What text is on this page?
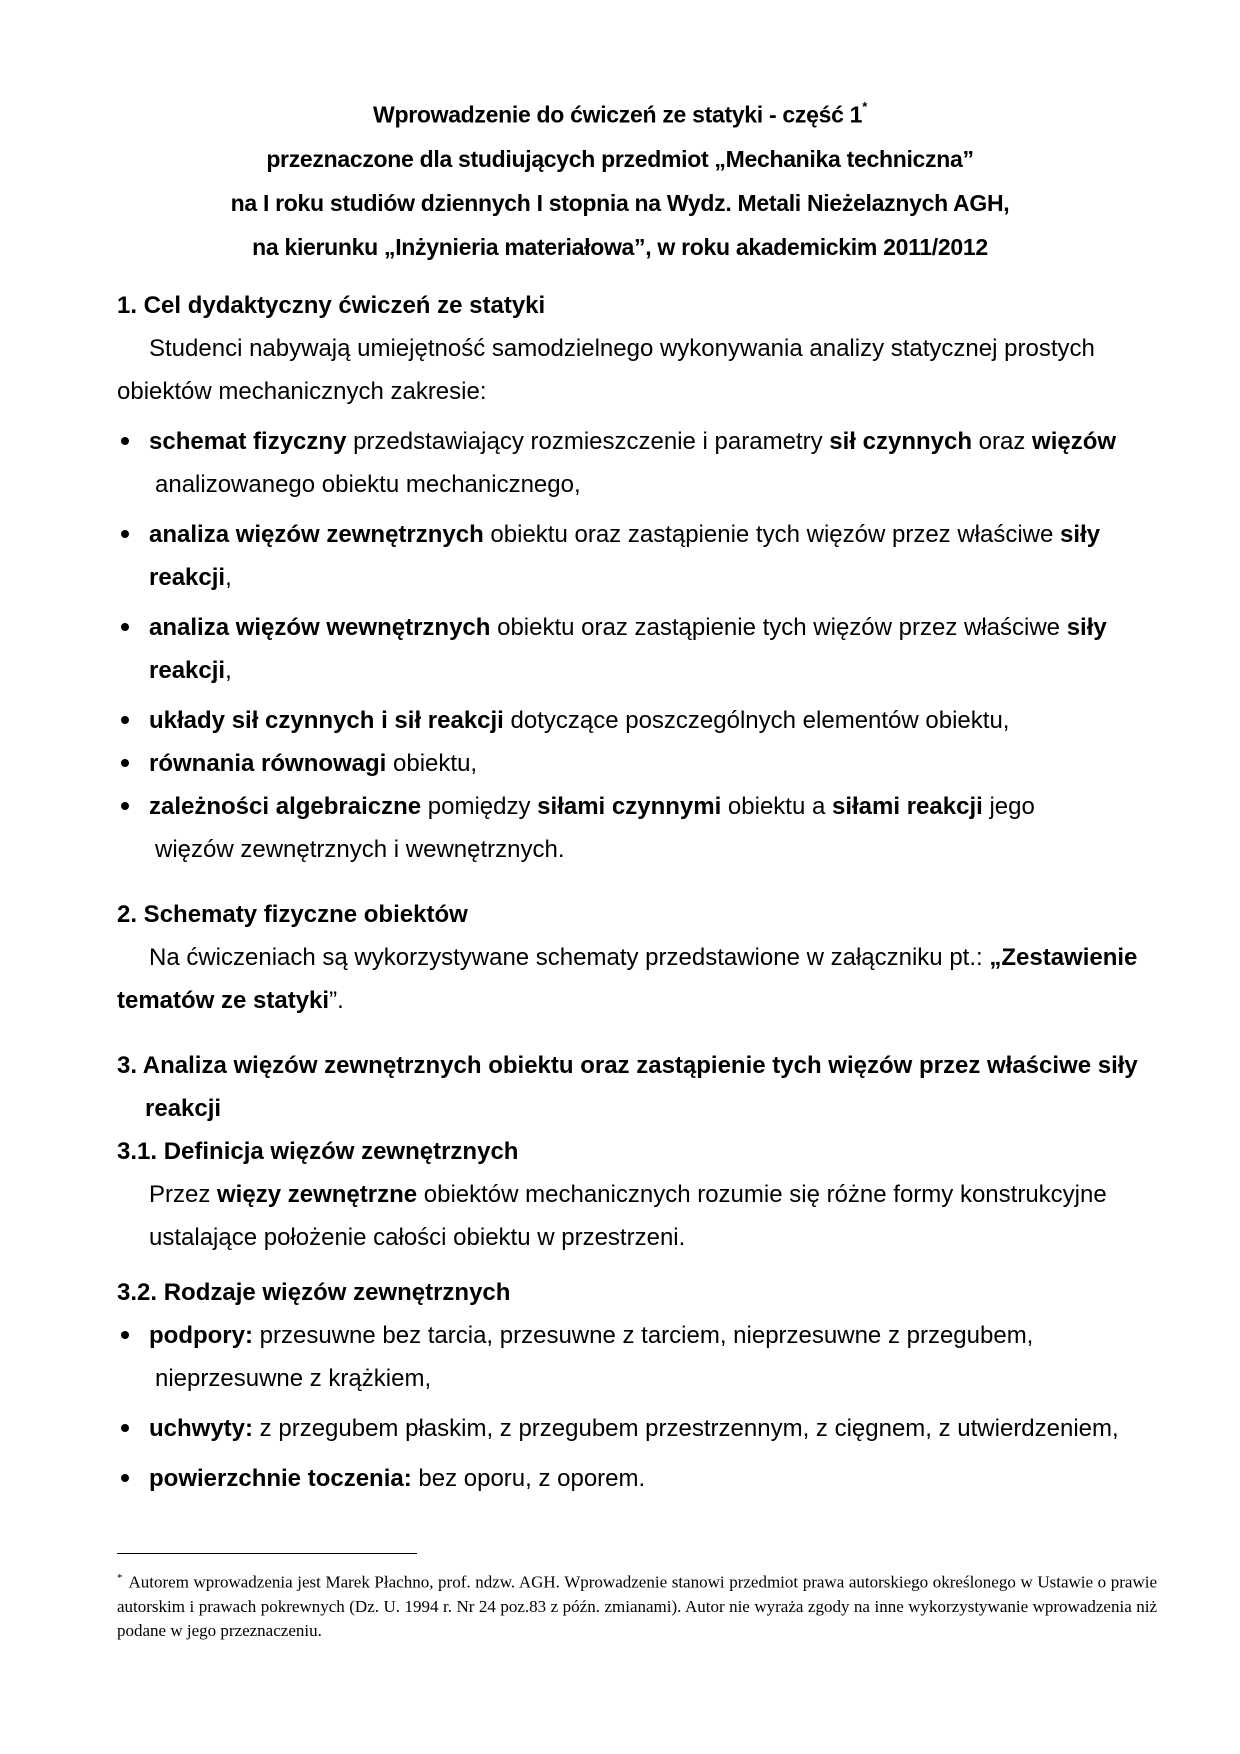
Wprowadzenie do ćwiczeń ze statyki - część 1*
przeznaczone dla studiujących przedmiot „Mechanika techniczna”
na I roku studiów dziennych I stopnia na Wydz. Metali Nieżelaznych AGH,
na kierunku „Inżynieria materiałowa”, w roku akademickim 2011/2012

1. Cel dydaktyczny ćwiczeń ze statyki

Studenci nabywają umiejętność samodzielnego wykonywania analizy statycznej prostych obiektów mechanicznych zakresie:

schemat fizyczny przedstawiający rozmieszczenie i parametry sił czynnych oraz więzów
analizowanego obiektu mechanicznego,
analiza więzów zewnętrznych obiektu oraz zastąpienie tych więzów przez właściwe siły reakcji,
analiza więzów wewnętrznych obiektu oraz zastąpienie tych więzów przez właściwe siły reakcji,
układy sił czynnych i sił reakcji dotyczące poszczególnych elementów obiektu,
równania równowagi obiektu,
zależności algebraiczne pomiędzy siłami czynnymi obiektu a siłami reakcji jego
więzów zewnętrznych i wewnętrznych.

2. Schematy fizyczne obiektów

Na ćwiczeniach są wykorzystywane schematy przedstawione w załączniku pt.: „Zestawienie tematów ze statyki”.

3. Analiza więzów zewnętrznych obiektu oraz zastąpienie tych więzów przez właściwe siły reakcji

3.1. Definicja więzów zewnętrznych

Przez więzy zewnętrzne obiektów mechanicznych rozumie się różne formy konstrukcyjne ustalające położenie całości obiektu w przestrzeni.

3.2. Rodzaje więzów zewnętrznych

podpory: przesuwne bez tarcia, przesuwne z tarciem, nieprzesuwne z przegubem,
nieprzesuwne z krążkiem,
uchwyty: z przegubem płaskim, z przegubem przestrzennym, z cięgnem, z utwierdzeniem,
powierzchnie toczenia: bez oporu, z oporem.
* Autorem wprowadzenia jest Marek Płachno, prof. ndzw. AGH. Wprowadzenie stanowi przedmiot prawa autorskiego określonego w Ustawie o prawie autorskim i prawach pokrewnych (Dz. U. 1994 r. Nr 24 poz.83 z późn. zmianami). Autor nie wyraża zgody na inne wykorzystywanie wprowadzenia niż podane w jego przeznaczeniu.
